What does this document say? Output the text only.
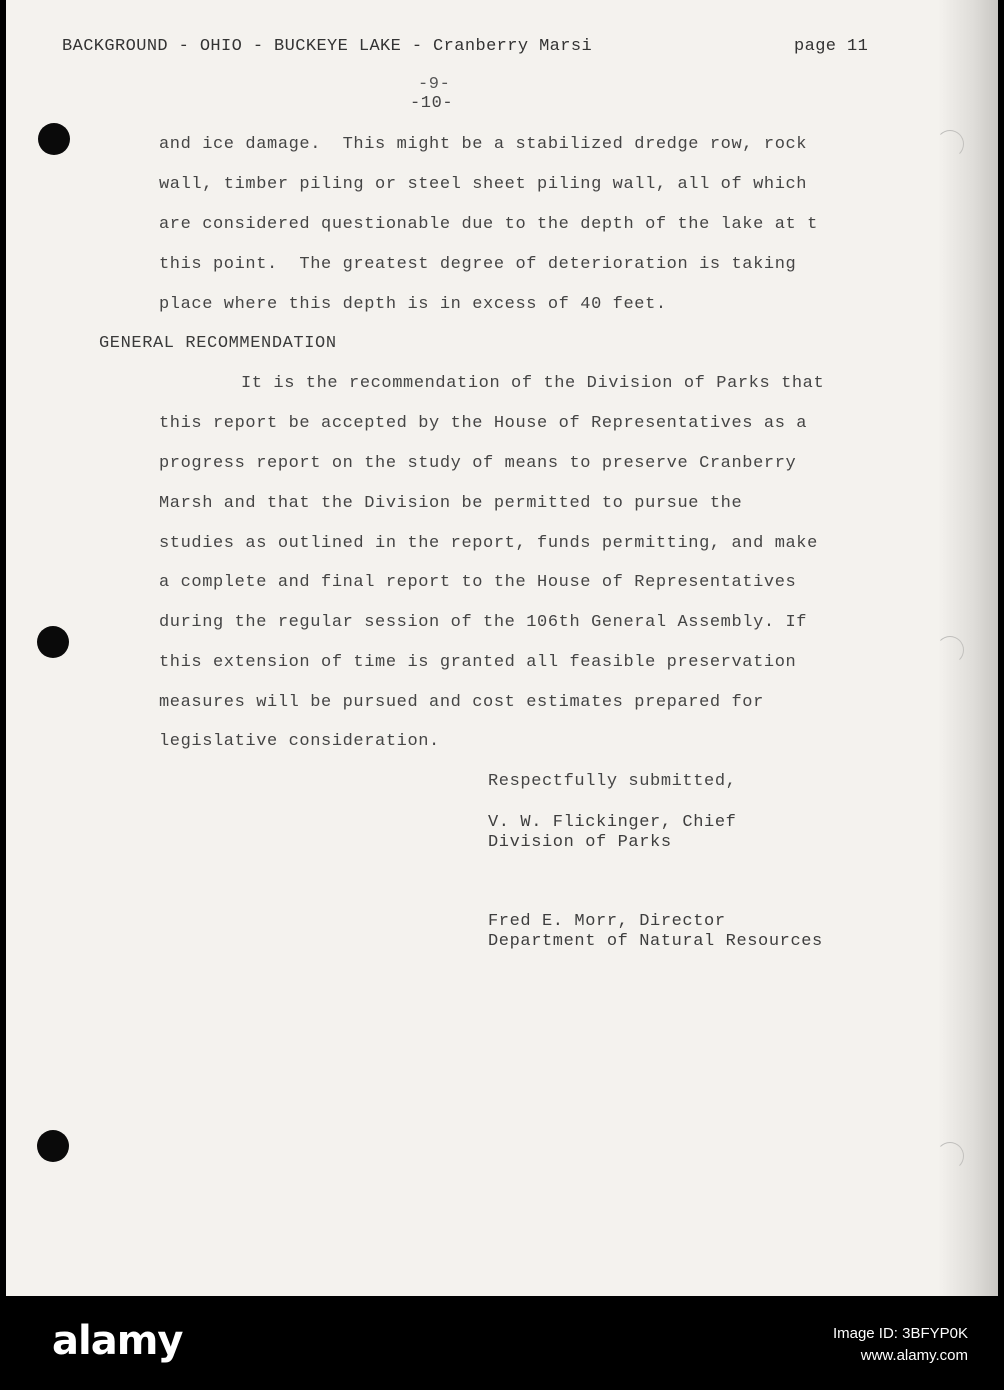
BACKGROUND - OHIO - BUCKEYE LAKE - Cranberry Marsi	page 11
-9-
-10-
and ice damage.  This might be a stabilized dredge row, rock
wall, timber piling or steel sheet piling wall, all of which
are considered questionable due to the depth of the lake at t
this point.  The greatest degree of deterioration is taking
place where this depth is in excess of 40 feet.
GENERAL RECOMMENDATION
It is the recommendation of the Division of Parks that
this report be accepted by the House of Representatives as a
progress report on the study of means to preserve Cranberry
Marsh and that the Division be permitted to pursue the
studies as outlined in the report, funds permitting, and make
a complete and final report to the House of Representatives
during the regular session of the 106th General Assembly. If
this extension of time is granted all feasible preservation
measures will be pursued and cost estimates prepared for
legislative consideration.
Respectfully submitted,
V. W. Flickinger, Chief
Division of Parks
Fred E. Morr, Director
Department of Natural Resources
alamy	Image ID: 3BFYP0K
www.alamy.com
